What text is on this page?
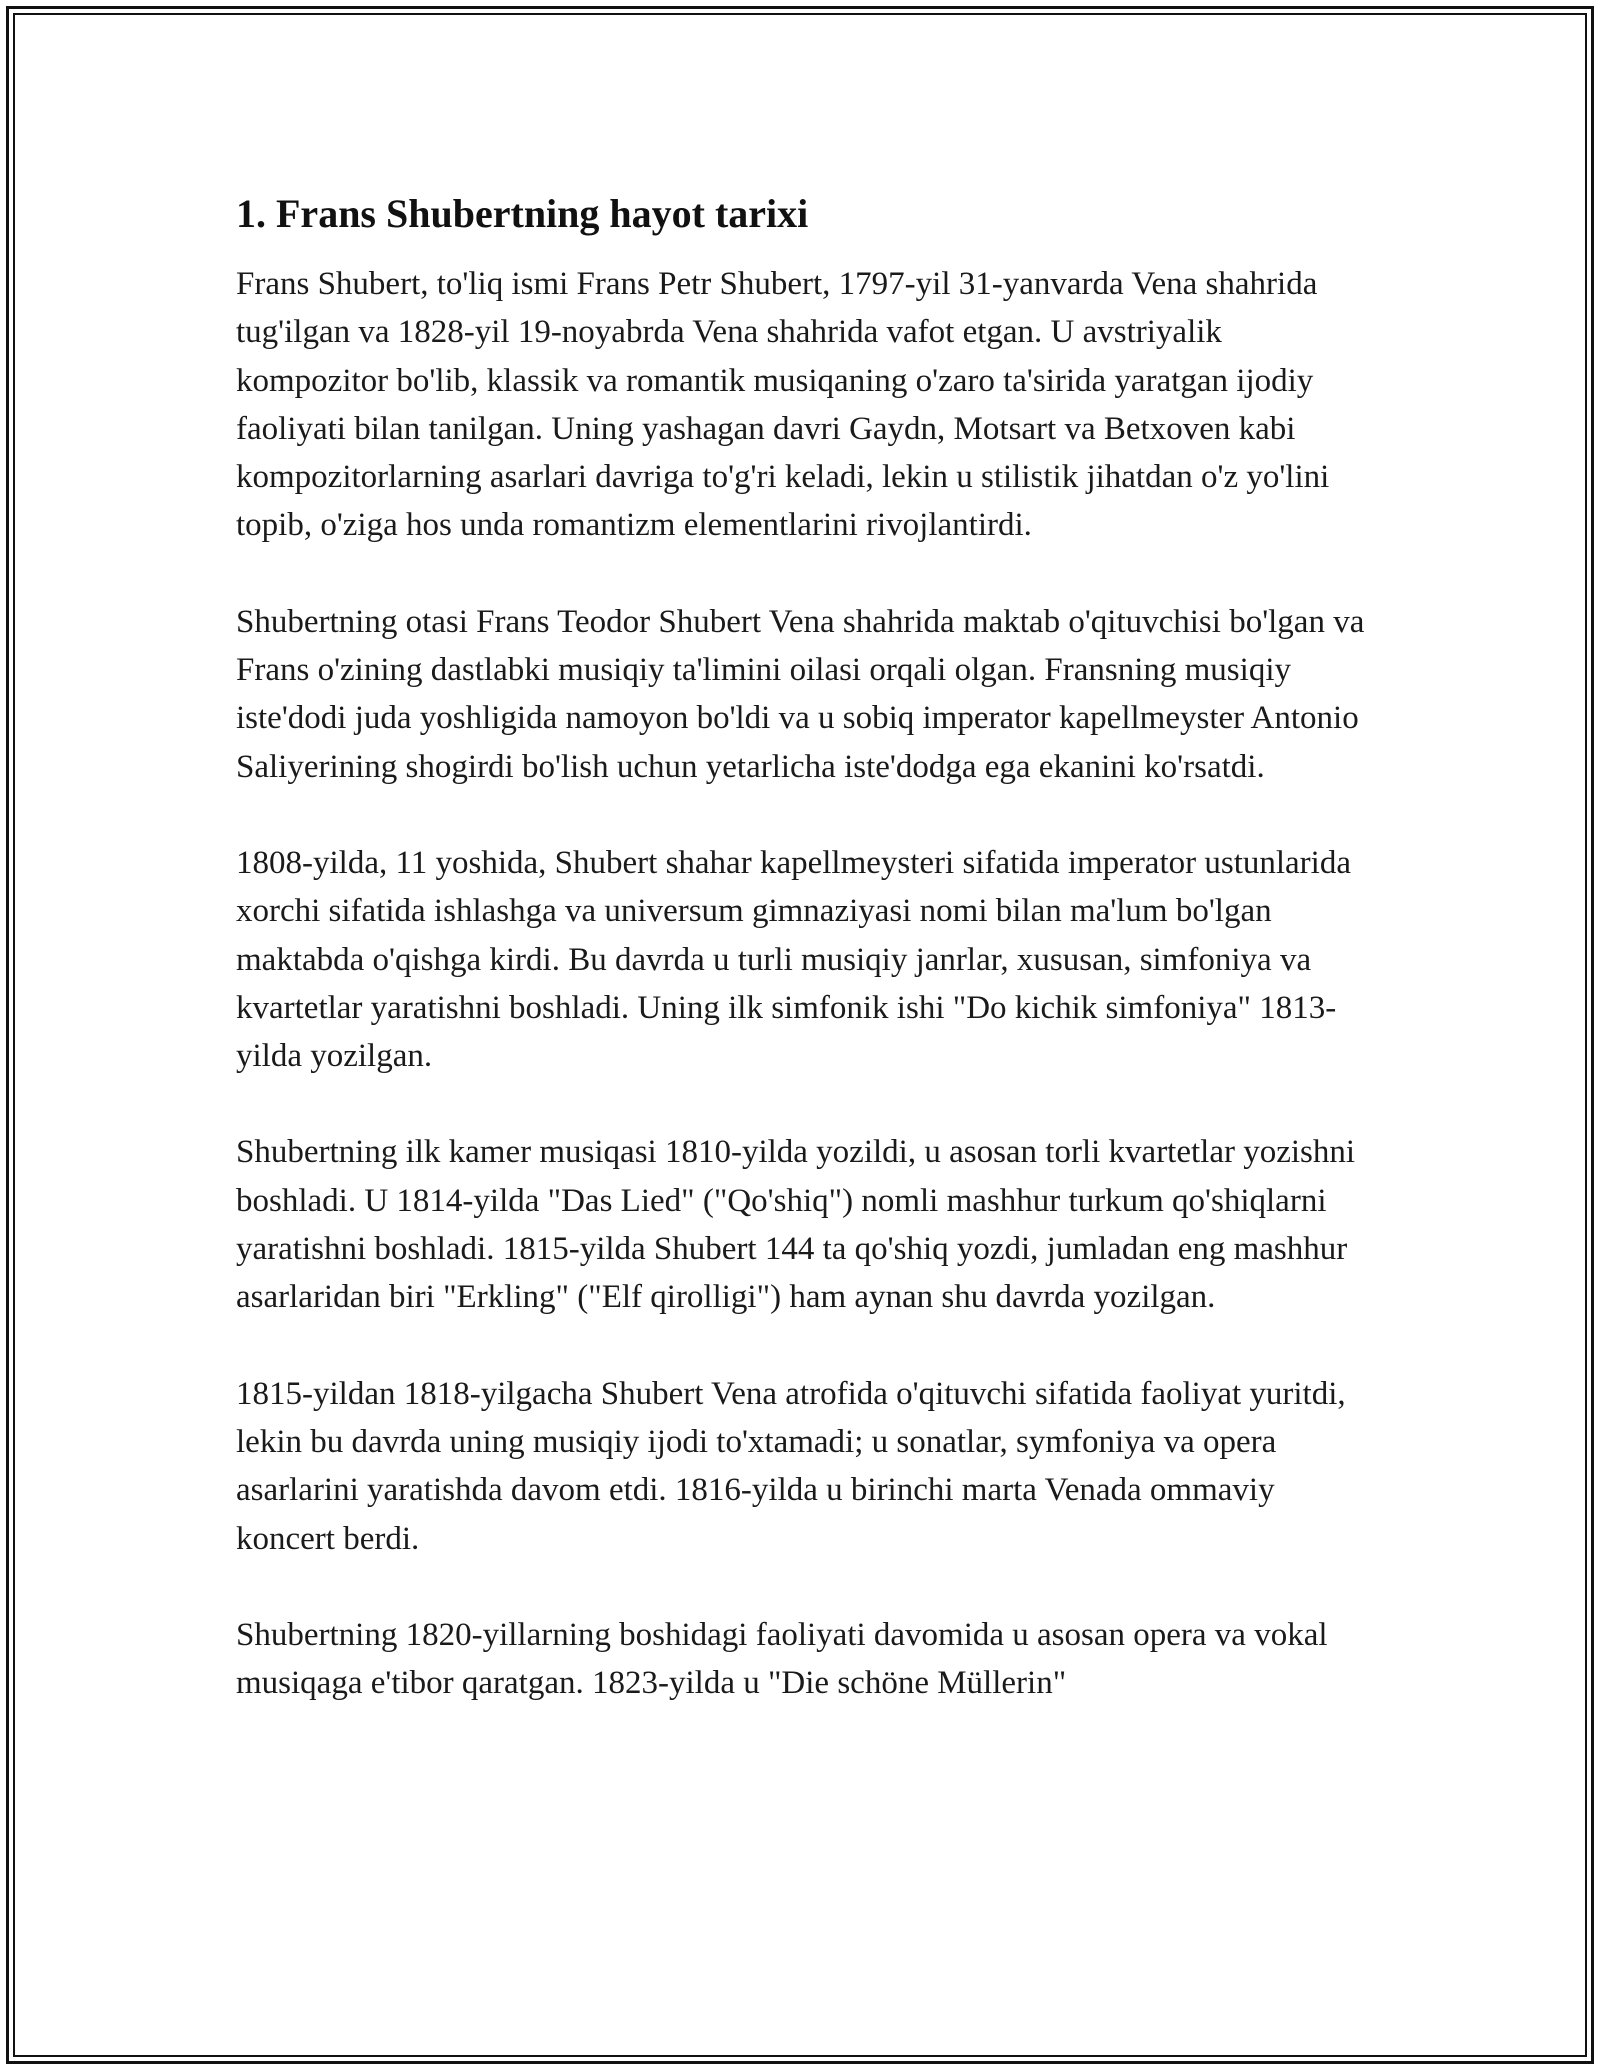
1. Frans Shubertning hayot tarixi

Frans Shubert, to'liq ismi Frans Petr Shubert, 1797-yil 31-yanvarda Vena shahrida tug'ilgan va 1828-yil 19-noyabrda Vena shahrida vafot etgan. U avstriyalik kompozitor bo'lib, klassik va romantik musiqaning o'zaro ta'sirida yaratgan ijodiy faoliyati bilan tanilgan. Uning yashagan davri Gaydn, Motsart va Betxoven kabi kompozitorlarning asarlari davriga to'g'ri keladi, lekin u stilistik jihatdan o'z yo'lini topib, o'ziga hos unda romantizm elementlarini rivojlantirdi.

Shubertning otasi Frans Teodor Shubert Vena shahrida maktab o'qituvchisi bo'lgan va Frans o'zining dastlabki musiqiy ta'limini oilasi orqali olgan. Fransning musiqiy iste'dodi juda yoshligida namoyon bo'ldi va u sobiq imperator kapellmeyster Antonio Saliyerining shogirdi bo'lish uchun yetarlicha iste'dodga ega ekanini ko'rsatdi.

1808-yilda, 11 yoshida, Shubert shahar kapellmeysteri sifatida imperator ustunlarida xorchi sifatida ishlashga va universum gimnaziyasi nomi bilan ma'lum bo'lgan maktabda o'qishga kirdi. Bu davrda u turli musiqiy janrlar, xususan, simfoniya va kvartetlar yaratishni boshladi. Uning ilk simfonik ishi "Do kichik simfoniya" 1813-yilda yozilgan.

Shubertning ilk kamer musiqasi 1810-yilda yozildi, u asosan torli kvartetlar yozishni boshladi. U 1814-yilda "Das Lied" ("Qo'shiq") nomli mashhur turkum qo'shiqlarni yaratishni boshladi. 1815-yilda Shubert 144 ta qo'shiq yozdi, jumladan eng mashhur asarlaridan biri "Erkling" ("Elf qirolligi") ham aynan shu davrda yozilgan.

1815-yildan 1818-yilgacha Shubert Vena atrofida o'qituvchi sifatida faoliyat yuritdi, lekin bu davrda uning musiqiy ijodi to'xtamadi; u sonatlar, symfoniya va opera asarlarini yaratishda davom etdi. 1816-yilda u birinchi marta Venada ommaviy koncert berdi.

Shubertning 1820-yillarning boshidagi faoliyati davomida u asosan opera va vokal musiqaga e'tibor qaratgan. 1823-yilda u "Die schöne Müllerin"
